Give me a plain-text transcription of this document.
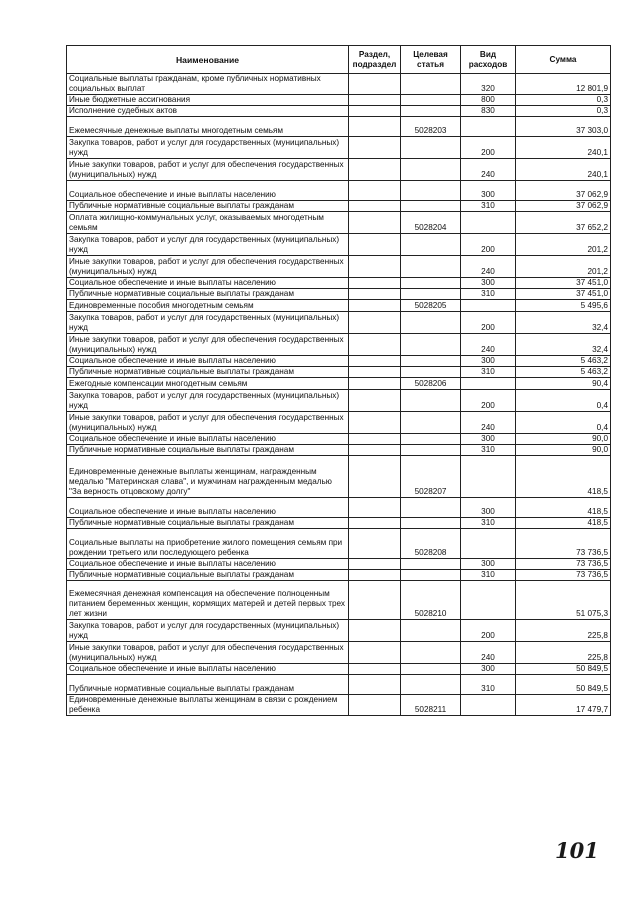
Наименование	Раздел, подраздел	Целевая статья	Вид расходов	Сумма
Социальные выплаты гражданам, кроме публичных нормативных социальных выплат			320	12 801,9
Иные бюджетные ассигнования			800	0,3
Исполнение судебных актов			830	0,3
Ежемесячные денежные выплаты многодетным семьям		5028203		37 303,0
Закупка товаров, работ и услуг для государственных (муниципальных) нужд			200	240,1
Иные закупки товаров, работ и услуг для обеспечения государственных (муниципальных) нужд			240	240,1
Социальное обеспечение и иные выплаты населению			300	37 062,9
Публичные нормативные социальные выплаты гражданам			310	37 062,9
Оплата жилищно-коммунальных услуг, оказываемых многодетным семьям		5028204		37 652,2
Закупка товаров, работ и услуг для государственных (муниципальных) нужд			200	201,2
Иные закупки товаров, работ и услуг для обеспечения государственных (муниципальных) нужд			240	201,2
Социальное обеспечение и иные выплаты населению			300	37 451,0
Публичные нормативные социальные выплаты гражданам			310	37 451,0
Единовременные пособия многодетным семьям		5028205		5 495,6
Закупка товаров, работ и услуг для государственных (муниципальных) нужд			200	32,4
Иные закупки товаров, работ и услуг для обеспечения государственных (муниципальных) нужд			240	32,4
Социальное обеспечение и иные выплаты населению			300	5 463,2
Публичные нормативные социальные выплаты гражданам			310	5 463,2
Ежегодные компенсации многодетным семьям		5028206		90,4
Закупка товаров, работ и услуг для государственных (муниципальных) нужд			200	0,4
Иные закупки товаров, работ и услуг для обеспечения государственных (муниципальных) нужд			240	0,4
Социальное обеспечение и иные выплаты населению			300	90,0
Публичные нормативные социальные выплаты гражданам			310	90,0
Единовременные денежные выплаты женщинам, награжденным медалью "Материнская слава", и мужчинам награжденным медалью "За верность отцовскому долгу"		5028207		418,5
Социальное обеспечение и иные выплаты населению			300	418,5
Публичные нормативные социальные выплаты гражданам			310	418,5
Социальные выплаты на приобретение жилого помещения семьям при рождении третьего или последующего ребенка		5028208		73 736,5
Социальное обеспечение и иные выплаты населению			300	73 736,5
Публичные нормативные социальные выплаты гражданам			310	73 736,5
Ежемесячная денежная компенсация на обеспечение полноценным питанием беременных женщин, кормящих матерей и детей первых трех лет жизни		5028210		51 075,3
Закупка товаров, работ и услуг для государственных (муниципальных) нужд			200	225,8
Иные закупки товаров, работ и услуг для обеспечения государственных (муниципальных) нужд			240	225,8
Социальное обеспечение и иные выплаты населению			300	50 849,5
Публичные нормативные социальные выплаты гражданам			310	50 849,5
Единовременные денежные выплаты женщинам в связи с рождением ребенка		5028211		17 479,7
101
